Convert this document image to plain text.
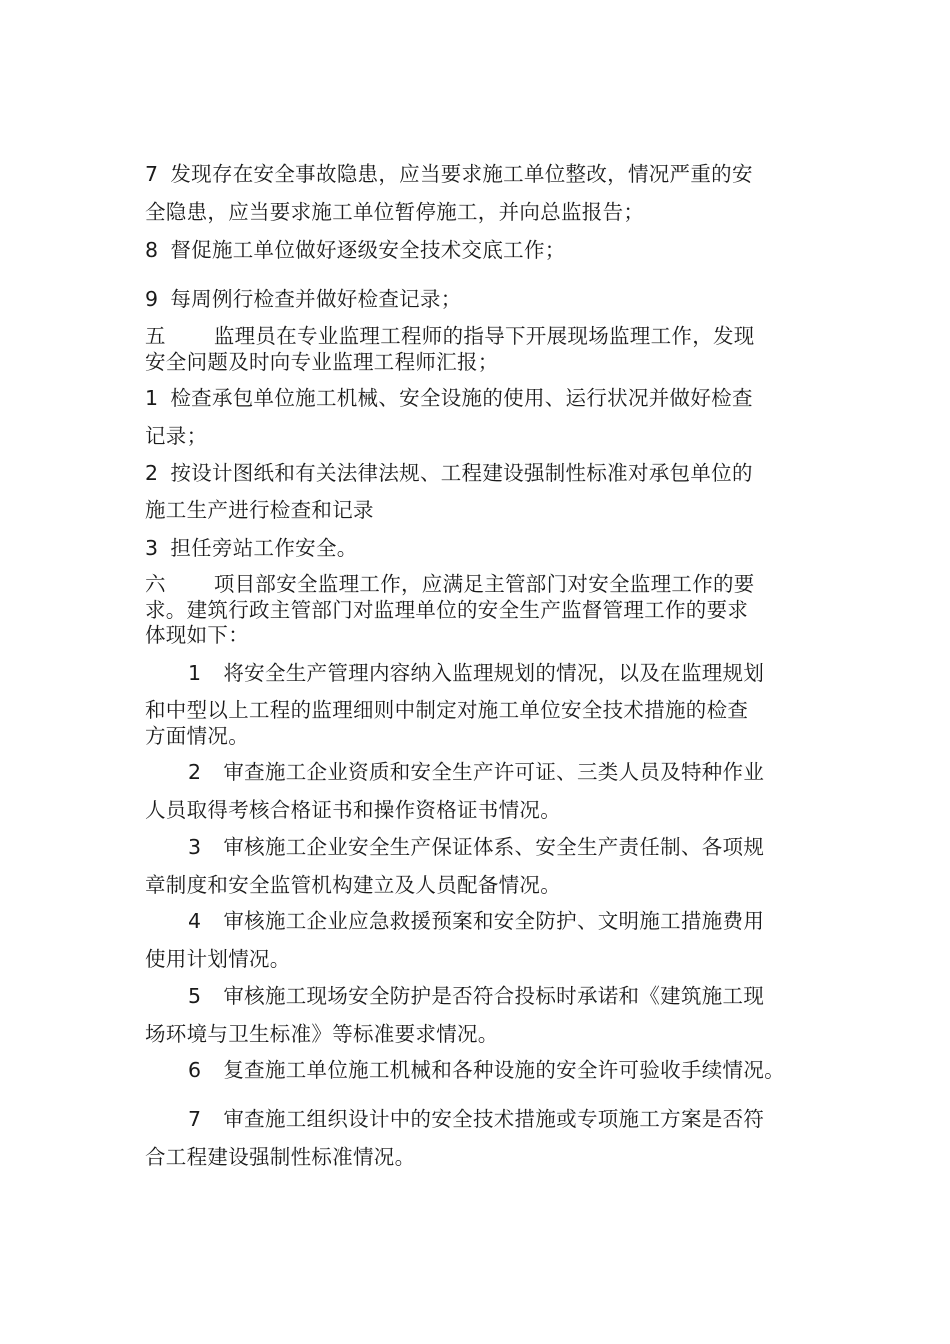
7 发现存在安全事故隐患，应当要求施工单位整改，情况严重的安
全隐患，应当要求施工单位暂停施工，并向总监报告；
8 督促施工单位做好逐级安全技术交底工作；
9 每周例行检查并做好检查记录；
五 监理员在专业监理工程师的指导下开展现场监理工作，发现
安全问题及时向专业监理工程师汇报；
1 检查承包单位施工机械、安全设施的使用、运行状况并做好检查
记录；
2 按设计图纸和有关法律法规、工程建设强制性标准对承包单位的
施工生产进行检查和记录
3 担任旁站工作安全。
六 项目部安全监理工作，应满足主管部门对安全监理工作的要
求。建筑行政主管部门对监理单位的安全生产监督管理工作的要求
体现如下：
1 将安全生产管理内容纳入监理规划的情况，以及在监理规划
和中型以上工程的监理细则中制定对施工单位安全技术措施的检查
方面情况。
2 审查施工企业资质和安全生产许可证、三类人员及特种作业
人员取得考核合格证书和操作资格证书情况。
3 审核施工企业安全生产保证体系、安全生产责任制、各项规
章制度和安全监管机构建立及人员配备情况。
4 审核施工企业应急救援预案和安全防护、文明施工措施费用
使用计划情况。
5 审核施工现场安全防护是否符合投标时承诺和《建筑施工现
场环境与卫生标准》等标准要求情况。
6 复查施工单位施工机械和各种设施的安全许可验收手续情况。
7 审查施工组织设计中的安全技术措施或专项施工方案是否符
合工程建设强制性标准情况。
